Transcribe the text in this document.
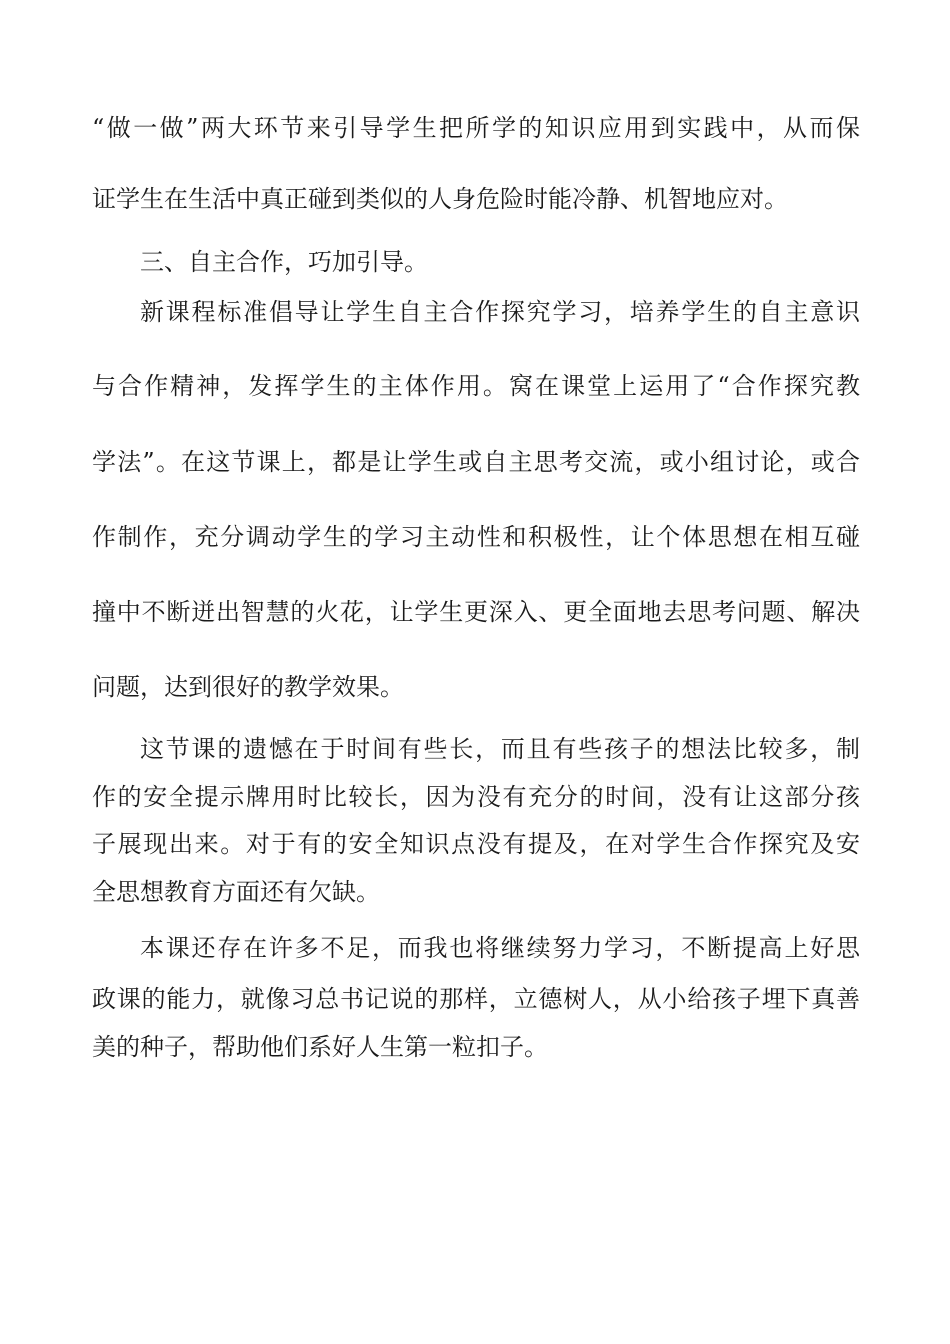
“做一做”两大环节来引导学生把所学的知识应用到实践中，从而保
证学生在生活中真正碰到类似的人身危险时能冷静、机智地应对。
三、自主合作，巧加引导。
新课程标准倡导让学生自主合作探究学习，培养学生的自主意识
与合作精神，发挥学生的主体作用。窝在课堂上运用了“合作探究教
学法”。在这节课上，都是让学生或自主思考交流，或小组讨论，或合
作制作，充分调动学生的学习主动性和积极性，让个体思想在相互碰
撞中不断迸出智慧的火花，让学生更深入、更全面地去思考问题、解决
问题，达到很好的教学效果。
这节课的遗憾在于时间有些长，而且有些孩子的想法比较多，制
作的安全提示牌用时比较长，因为没有充分的时间，没有让这部分孩
子展现出来。对于有的安全知识点没有提及，在对学生合作探究及安
全思想教育方面还有欠缺。
本课还存在许多不足，而我也将继续努力学习，不断提高上好思
政课的能力，就像习总书记说的那样，立德树人，从小给孩子埋下真善
美的种子，帮助他们系好人生第一粒扣子。
